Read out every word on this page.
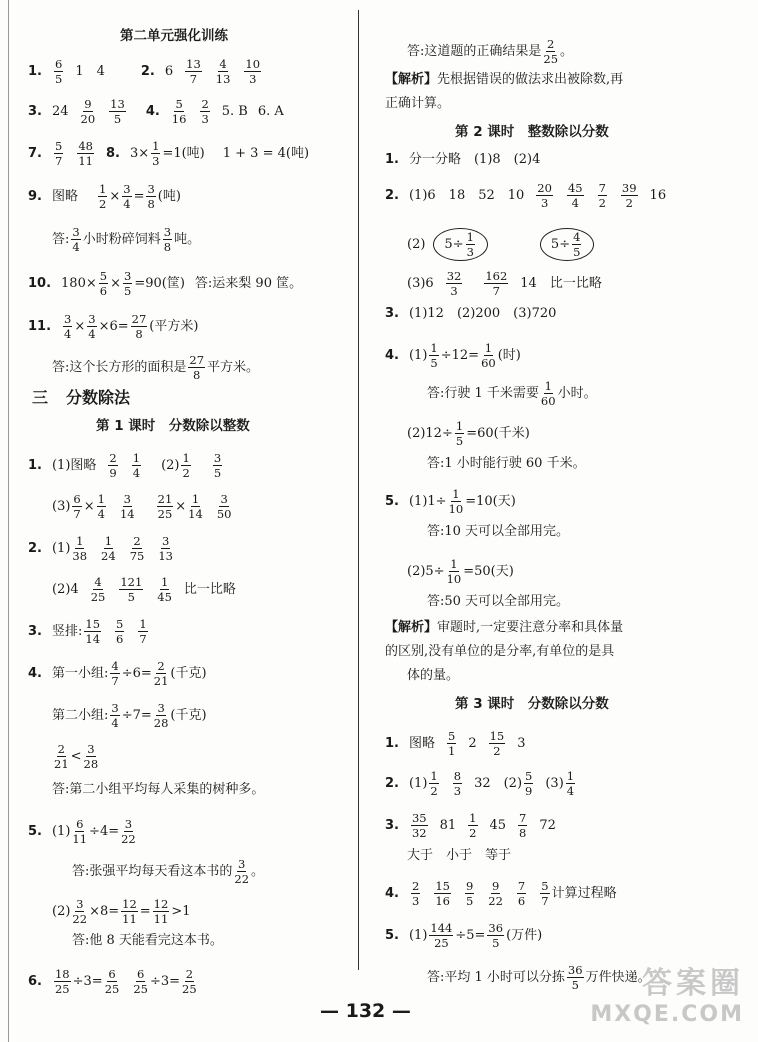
第二单元强化训练
1. $\frac{6}{5} 1$　4	2. $6 \frac{13}{7} \frac{4}{13} \frac{10}{3}$
3. $24 \frac{9}{20} \frac{13}{5} 4$. $\frac{5}{16} \frac{2}{3} 5$. B 6. A
7. $\frac{5}{7} \frac{48}{11} 8$. $3\times \frac{1}{3} =1$(吨) 1 + 3 = 4(吨)
9. 图略 $\frac{1}{2} \times \frac{3}{4} = \frac{3}{8}$ (吨)
答: $\frac{3}{4}$ 小时粉碎饲料 $\frac{3}{8}$ 吨。
10. $180\times \frac{5}{6} \times \frac{3}{5} =90$(筐) 答:运来梨 90 筐。
11. $\frac{3}{4} \times \frac{3}{4} \times 6= \frac{27}{8}$ (平方米)
答:这个长方形的面积是 $\frac{27}{8}$ 平方米。
三 分数除法
第 1 课时　分数除以整数
1. (1)图略 $\frac{2}{9} \frac{1}{4} (2) \frac{1}{2} \frac{3}{5}$
$(3) \frac{6}{7} \times \frac{1}{4} \frac{3}{14} \frac{21}{25} \times \frac{1}{14} \frac{3}{50}$
2. $(1) \frac{1}{38} \frac{1}{24} \frac{2}{75} \frac{3}{13}$
$(2)4 \frac{4}{25} \frac{121}{5} \frac{1}{45}$ 比一比略
3. 竖排: $\frac{15}{14} \frac{5}{6} \frac{1}{7}$
4. 第一小组: $\frac{4}{7} \div 6= \frac{2}{21}$ (千克)
第二小组: $\frac{3}{4} \div 7= \frac{3}{28}$ (千克)
$\frac{2}{21} < \frac{3}{28}$
答:第二小组平均每人采集的树种多。
5. $(1) \frac{6}{11} \div 4= \frac{3}{22}$
答:张强平均每天看这本书的 $\frac{3}{22}$ 。
$(2) \frac{3}{22} \times 8= \frac{12}{11} = \frac{12}{11} >1$
答:他 8 天能看完这本书。
6. $\frac{18}{25} \div 3= \frac{6}{25} \frac{6}{25} \div 3= \frac{2}{25}$
答:这道题的正确结果是 $\frac{2}{25}$ 。
【解析】 先根据错误的做法求出被除数,再
正确计算。
第 2 课时　整数除以分数
1. 分一分略　(1)8　(2)4
2. (1)6　18　52　$10 \frac{20}{3} \frac{45}{4} \frac{7}{2} \frac{39}{2} 16$
(2) $5\div \frac{1}{3}$	$5\div \frac{4}{5}$
$(3)6 \frac{32}{3} \frac{162}{7} 14$　比一比略
3. (1)12　(2)200　(3)720
4. $(1) \frac{1}{5} \div 12= \frac{1}{60}$ (时)
答:行驶 1 千米需要 $\frac{1}{60}$ 小时。
$(2)12\div \frac{1}{5} =60$(千米)
答:1 小时能行驶 60 千米。
5. $(1)1\div \frac{1}{10} =10$(天)
答:10 天可以全部用完。
$(2)5\div \frac{1}{10} =50$(天)
答:50 天可以全部用完。
【解析】 审题时,一定要注意分率和具体量
的区别,没有单位的是分率,有单位的是具
体的量。
第 3 课时　分数除以分数
1. 图略 $\frac{5}{1} 2 \frac{15}{2} 3$
2. $(1) \frac{1}{2} \frac{8}{3} 32$　$(2) \frac{5}{9} (3) \frac{1}{4}$
3. $\frac{35}{32} 81 \frac{1}{2} 45 \frac{7}{8} 72$
大于　小于　等于
4. $\frac{2}{3} \frac{15}{16} \frac{9}{5} \frac{9}{22} \frac{7}{6} \frac{5}{7}$ 计算过程略
5. $(1) \frac{144}{25} \div 5= \frac{36}{5}$ (万件)
答:平均 1 小时可以分拣 $\frac{36}{5}$ 万件快递。
— 132 —
答案圈
MXQE.COM
